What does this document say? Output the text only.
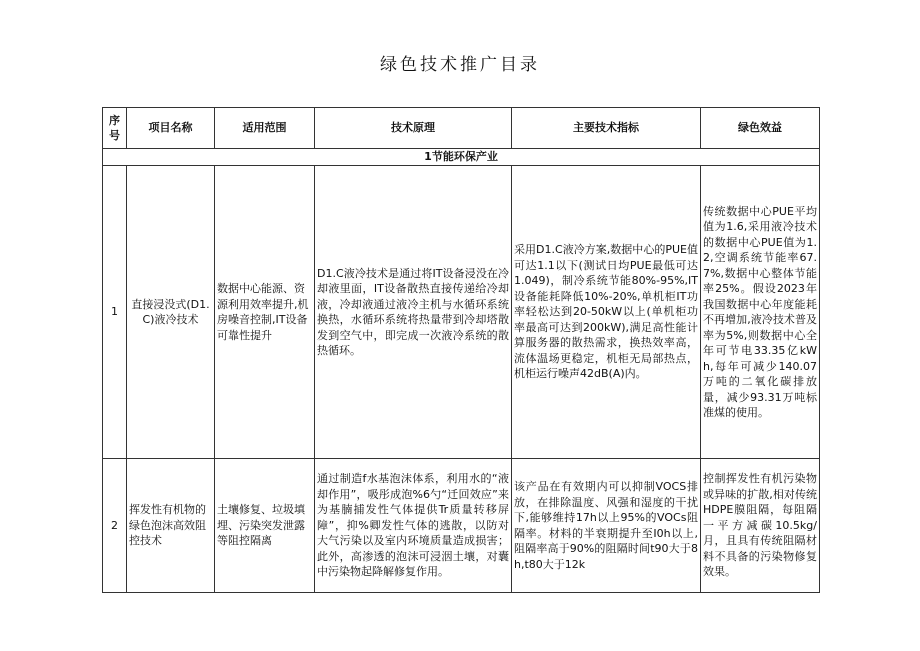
绿色技术推广目录
序号	项目名称	适用范围	技术原理	主要技术指标	绿色效益
1节能环保产业					
1	直接浸没式(D1.C)液冷技术	数据中心能源、资源利用效率提升,机房噪音控制,IT设备可靠性提升	D1.C液冷技术是通过将IT设备浸没在冷却液里面，IT设备散热直接传递给冷却液，冷却液通过液冷主机与水循环系统换热，水循环系统将热量带到冷却塔散发到空气中，即完成一次液冷系统的散热循环。	采用D1.C液冷方案,数据中心的PUE值可达1.1以下(测试日均PUE最低可达1.049)，制冷系统节能80%-95%,IT设备能耗降低10%-20%,单机柜IT功率轻松达到20-50kW以上(单机柜功率最高可达到200kW),满足高性能计算服务器的散热需求，换热效率高，流体温场更稳定，机柜无局部热点，机柜运行噪声42dB(A)内。	传统数据中心PUE平均值为1.6,采用液冷技术的数据中心PUE值为1.2,空调系统节能率67.7%,数据中心整体节能率25%。假设2023年我国数据中心年度能耗不再增加,液冷技术普及率为5%,则数据中心全年可节电33.35亿kWh,每年可减少140.07万吨的二氧化碳排放量，减少93.31万吨标准煤的使用。
2	挥发性有机物的绿色泡沫高效阻控技术	土壤修复、垃圾填埋、污染突发泄露等阻控隔离	通过制造f水基泡沫体系，利用水的“液却作用”，吸彤成泡%6勺“迁回效应”来为基腩捕发性气体提供Tr质量转移屏障”，抑%卿发性气体的逃散，以防对大气污染以及室内环境质量造成损害；此外，高渗透的泡沫可浸洇土壤，对囊中污染物起降解修复作用。	该产品在有效期内可以抑制VOCS排放，在排除温度、风强和湿度的干扰下,能够维持17h以上95%的VOCs阻隔率。材料的半衰期提升至I0h以上,阻隔率高于90%的阻隔时间t90大于8h,t80大于12k	控制挥发性有机污染物或异味的扩散,相对传统HDPE膜阻隔，每阻隔一平方减碳10.5kg/月，且具有传统阻隔材料不具备的污染物修复效果。
